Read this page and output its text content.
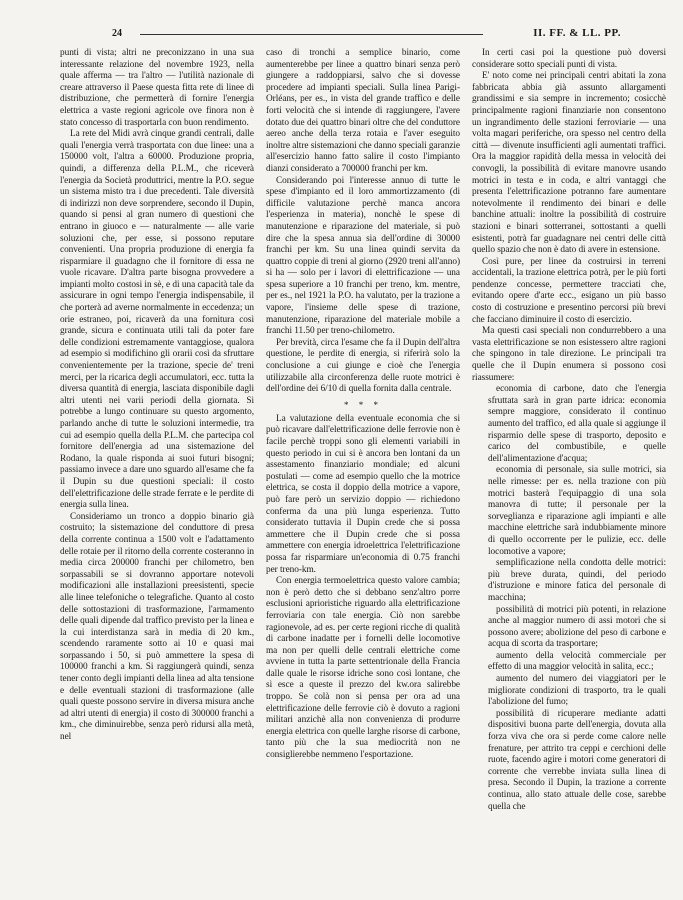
24	II. FF. & LL. PP.

punti di vista; altri ne preconizzano in una sua interessante relazione del novembre 1923, nella quale afferma — tra l'altro — l'utilità nazionale di creare attraverso il Paese questa fitta rete di linee di distribuzione, che permetterà di fornire l'energia elettrica a vaste regioni agricole ove finora non è stato concesso di trasportarla con buon rendimento.

La rete del Midi avrà cinque grandi centrali, dalle quali l'energia verrà trasportata con due linee: una a 150000 volt, l'altra a 60000. Produzione propria, quindi, a differenza della P.L.M., che riceverà l'energia da Società produttrici, mentre la P.O. segue un sistema misto tra i due precedenti. Tale diversità di indirizzi non deve sorprendere, secondo il Dupin, quando si pensi al gran numero di questioni che entrano in giuoco e — naturalmente — alle varie soluzioni che, per esse, si possono reputare convenienti. Una propria produzione di energia fa risparmiare il guadagno che il fornitore di essa ne vuole ricavare. D'altra parte bisogna provvedere a impianti molto costosi in sè, e di una capacità tale da assicurare in ogni tempo l'energia indispensabile, il che porterà ad averne normalmente in eccedenza; un orie estraneo, poi, ricaverà da una fornitura così grande, sicura e continuata utili tali da poter fare delle condizioni estremamente vantaggiose, qualora ad esempio si modifichino gli orarii così da sfruttare convenientemente per la trazione, specie de' treni merci, per la ricarica degli accumulatori, ecc. tutta la diversa quantità di energia, lasciata disponibile dagli altri utenti nei varii periodi della giornata. Si potrebbe a lungo continuare su questo argomento, parlando anche di tutte le soluzioni intermedie, tra cui ad esempio quella della P.L.M. che partecipa col fornitore dell'energia ad una sistemazione del Rodano, la quale risponda ai suoi futuri bisogni; passiamo invece a dare uno sguardo all'esame che fa il Dupin su due questioni speciali: il costo dell'elettrificazione delle strade ferrate e le perdite di energia sulla linea.

Consideriamo un tronco a doppio binario già costruito; la sistemazione del conduttore di presa della corrente continua a 1500 volt e l'adattamento delle rotaie per il ritorno della corrente costeranno in media circa 200000 franchi per chilometro, ben sorpassabili se si dovranno apportare notevoli modificazioni alle installazioni preesistenti, specie alle linee telefoniche o telegrafiche. Quanto al costo delle sottostazioni di trasformazione, l'armamento delle quali dipende dal traffico previsto per la linea e la cui interdistanza sarà in media di 20 km., scendendo raramente sotto ai 10 e quasi mai sorpassando i 50, si può ammettere la spesa di 100000 franchi a km. Si raggiungerà quindi, senza tener conto degli impianti della linea ad alta tensione e delle eventuali stazioni di trasformazione (alle quali queste possono servire in diversa misura anche ad altri utenti di energia) il costo di 300000 franchi a km., che diminuirebbe, senza però ridursi alla metà, nel

caso di tronchi a semplice binario, come aumenterebbe per linee a quattro binari senza però giungere a raddoppiarsi, salvo che si dovesse procedere ad impianti speciali. Sulla linea Parigi-Orléans, per es., in vista del grande traffico e delle forti velocità che si intende di raggiungere, l'avere dotato due dei quattro binari oltre che del conduttore aereo anche della terza rotaia e l'aver eseguito inoltre altre sistemazioni che danno speciali garanzie all'esercizio hanno fatto salire il costo l'impianto dianzi considerato a 700000 franchi per km.

Considerando poi l'interesse annuo di tutte le spese d'impianto ed il loro ammortizzamento (di difficile valutazione perchè manca ancora l'esperienza in materia), nonchè le spese di manutenzione e riparazione del materiale, si può dire che la spesa annua sia dell'ordine di 30000 franchi per km. Su una linea quindi servita da quattro coppie di treni al giorno (2920 treni all'anno) si ha — solo per i lavori di elettrificazione — una spesa superiore a 10 franchi per treno, km. mentre, per es., nel 1921 la P.O. ha valutato, per la trazione a vapore, l'insieme delle spese di trazione, manutenzione, riparazione del materiale mobile a franchi 11.50 per treno-chilometro.

Per brevità, circa l'esame che fa il Dupin dell'altra questione, le perdite di energia, si riferirà solo la conclusione a cui giunge e cioè che l'energia utilizzabile alla circonferenza delle ruote motrici è dell'ordine dei 6/10 di quella fornita dalla centrale.

* * *

La valutazione della eventuale economia che si può ricavare dall'elettrificazione delle ferrovie non è facile perchè troppi sono gli elementi variabili in questo periodo in cui si è ancora ben lontani da un assestamento finanziario mondiale; ed alcuni postulati — come ad esempio quello che la motrice elettrica, se costa il doppio della motrice a vapore, può fare però un servizio doppio — richiedono conferma da una più lunga esperienza. Tutto considerato tuttavia il Dupin crede che si possa ammettere che il Dupin crede che si possa ammettere con energia idroelettrica l'elettrificazione possa far risparmiare un'economia di 0.75 franchi per treno-km.

Con energia termoelettrica questo valore cambia; non è però detto che si debbano senz'altro porre esclusioni aprioristiche riguardo alla elettrificazione ferroviaria con tale energia. Ciò non sarebbe ragionevole, ad es. per certe regioni ricche di qualità di carbone inadatte per i fornelli delle locomotive ma non per quelli delle centrali elettriche come avviene in tutta la parte settentrionale della Francia dalle quale le risorse idriche sono così lontane, che sì esce a queste il prezzo del kw.ora salirebbe troppo. Se colà non si pensa per ora ad una elettrificazione delle ferrovie ciò è dovuto a ragioni militari anzichè alla non convenienza di produrre energia elettrica con quelle larghe risorse di carbone, tanto più che la sua mediocrità non ne consiglierebbe nemmeno l'esportazione.

In certi casi poi la questione può doversi considerare sotto speciali punti di vista.

E' noto come nei principali centri abitati la zona fabbricata abbia già assunto allargamenti grandissimi e sia sempre in incremento; cosicchè principalmente ragioni finanziarie non consentono un ingrandimento delle stazioni ferroviarie — una volta magari periferiche, ora spesso nel centro della città — divenute insufficienti agli aumentati traffici. Ora la maggior rapidità della messa in velocità dei convogli, la possibilità di evitare manovre usando motrici in testa e in coda, e altri vantaggi che presenta l'elettrificazione potranno fare aumentare notevolmente il rendimento dei binari e delle banchine attuali: inoltre la possibilità di costruire stazioni e binari sotterranei, sottostanti a quelli esistenti, potrà far guadagnare nei centri delle città quello spazio che non è dato di avere in estensione.

Così pure, per linee da costruirsi in terreni accidentali, la trazione elettrica potrà, per le più forti pendenze concesse, permettere tracciati che, evitando opere d'arte ecc., esigano un più basso costo di costruzione e presentino percorsi più brevi che facciano diminuire il costo di esercizio.

Ma questi casi speciali non condurrebbero a una vasta elettrificazione se non esistessero altre ragioni che spingono in tale direzione. Le principali tra quelle che il Dupin enumera si possono così riassumere:

economia di carbone, dato che l'energia sfruttata sarà in gran parte idrica: economia sempre maggiore, considerato il continuo aumento del traffico, ed alla quale si aggiunge il risparmio delle spese di trasporto, deposito e carico del combustibile, e quelle dell'alimentazione d'acqua;

economia di personale, sia sulle motrici, sia nelle rimesse: per es. nella trazione con più motrici basterà l'equipaggio di una sola manovra di tutte; il personale per la sorveglianza e riparazione agli impianti e alle macchine elettriche sarà indubbiamente minore di quello occorrente per le pulizie, ecc. delle locomotive a vapore;

semplificazione nella condotta delle motrici: più breve durata, quindi, del periodo d'istruzione e minore fatica del personale di macchina;

possibilità di motrici più potenti, in relazione anche al maggior numero di assi motori che si possono avere; abolizione del peso di carbone e acqua di scorta da trasportare;

aumento della velocità commerciale per effetto di una maggior velocità in salita, ecc.;

aumento del numero dei viaggiatori per le migliorate condizioni di trasporto, tra le quali l'abolizione del fumo;

possibilità di ricuperare mediante adatti dispositivi buona parte dell'energia, dovuta alla forza viva che ora si perde come calore nelle frenature, per attrito tra ceppi e cerchioni delle ruote, facendo agire i motori come generatori di corrente che verrebbe inviata sulla linea di presa. Secondo il Dupin, la trazione a corrente continua, allo stato attuale delle cose, sarebbe quella che
